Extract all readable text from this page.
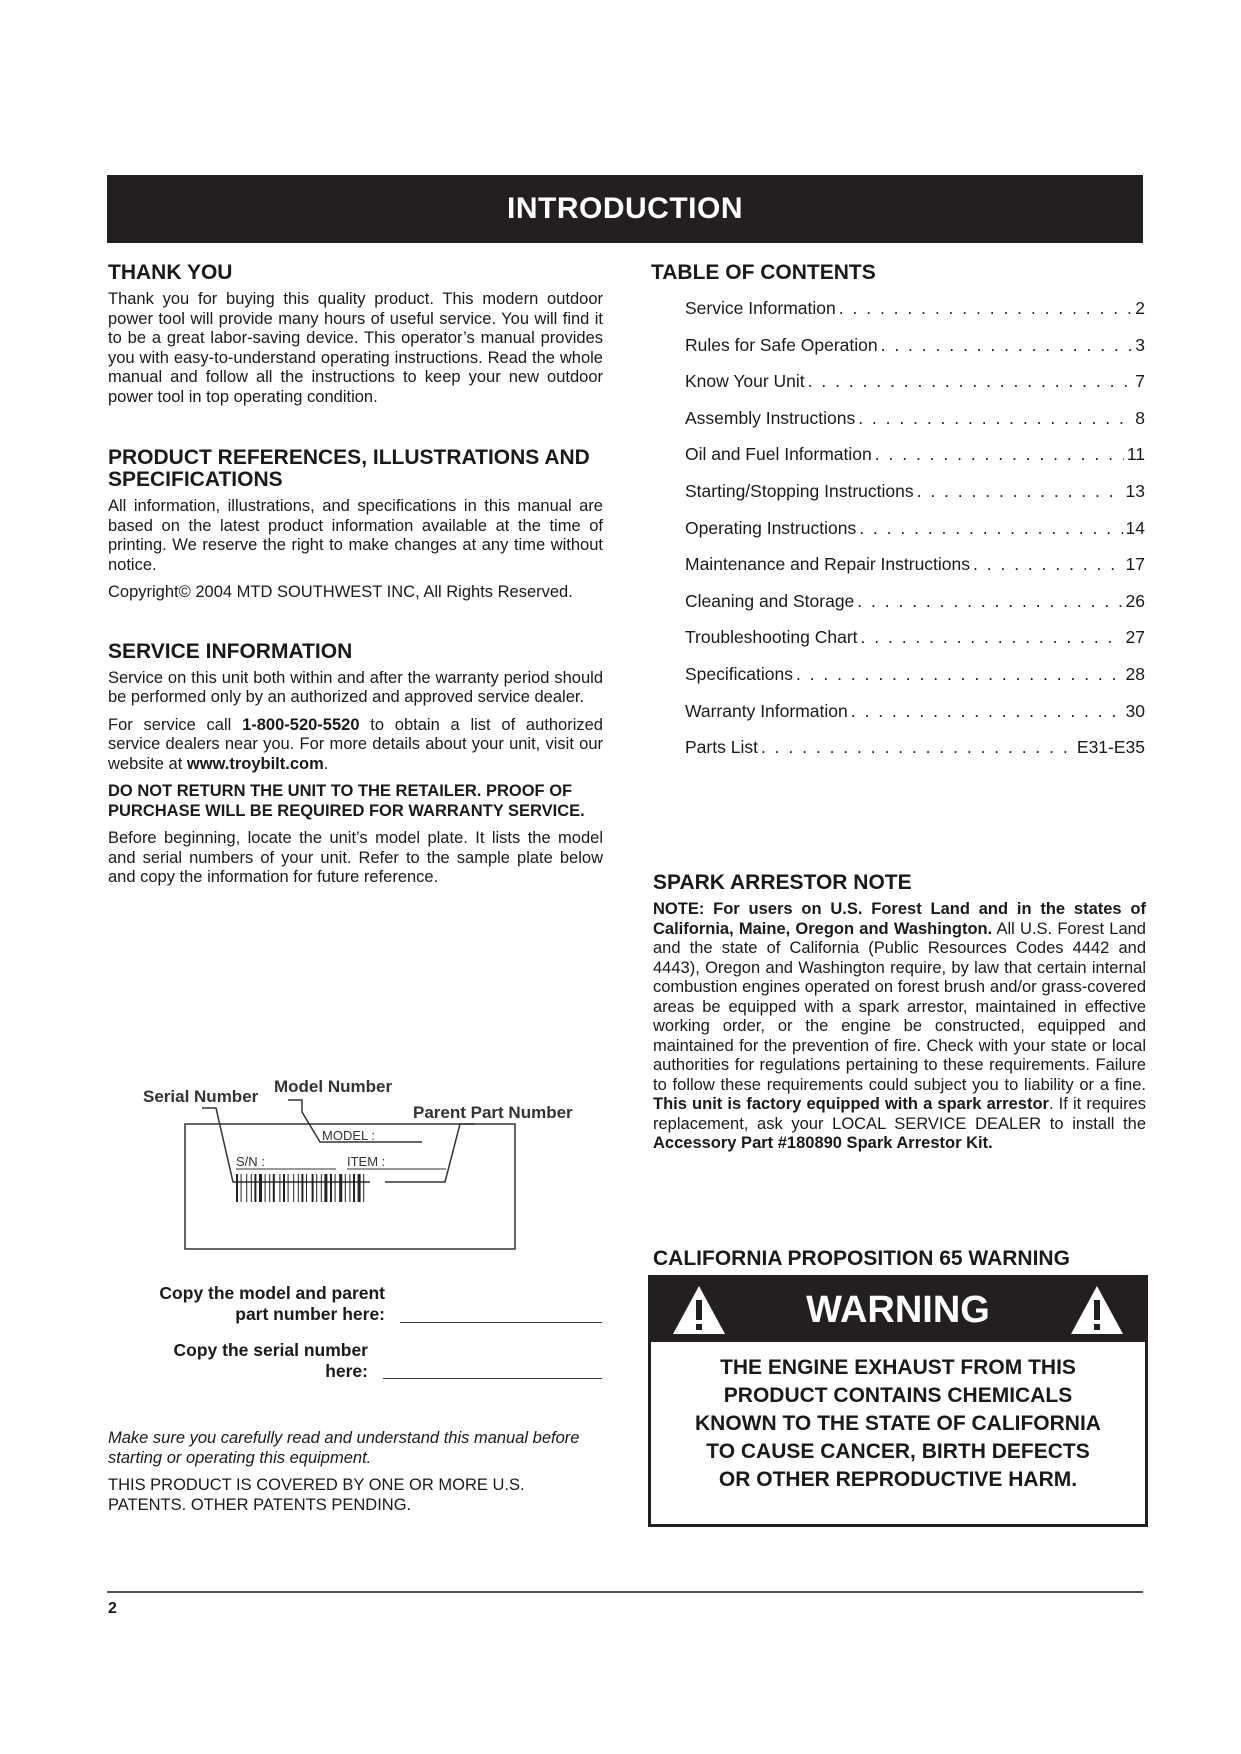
INTRODUCTION
THANK YOU

Thank you for buying this quality product. This modern outdoor power tool will provide many hours of useful service. You will find it to be a great labor-saving device. This operator’s manual provides you with easy-to-understand operating instructions. Read the whole manual and follow all the instructions to keep your new outdoor power tool in top operating condition.

PRODUCT REFERENCES, ILLUSTRATIONS AND SPECIFICATIONS

All information, illustrations, and specifications in this manual are based on the latest product information available at the time of printing. We reserve the right to make changes at any time without notice.

Copyright© 2004 MTD SOUTHWEST INC, All Rights Reserved.

SERVICE INFORMATION

Service on this unit both within and after the warranty period should be performed only by an authorized and approved service dealer.

For service call 1-800-520-5520 to obtain a list of authorized service dealers near you. For more details about your unit, visit our website at www.troybilt.com.

DO NOT RETURN THE UNIT TO THE RETAILER. PROOF OF PURCHASE WILL BE REQUIRED FOR WARRANTY SERVICE.

Before beginning, locate the unit’s model plate. It lists the model and serial numbers of your unit. Refer to the sample plate below and copy the information for future reference.

Serial Number
Model Number
Parent Part Number
MODEL :
S/N :	ITEM :
Copy the model and parent
part number here:
Copy the serial number
here:

Make sure you carefully read and understand this manual before starting or operating this equipment.

THIS PRODUCT IS COVERED BY ONE OR MORE U.S. PATENTS. OTHER PATENTS PENDING.

TABLE OF CONTENTS
Service Information . . .	2
Rules for Safe Operation . . .	3
Know Your Unit . . .	7
Assembly Instructions . . .	8
Oil and Fuel Information . . .	11
Starting/Stopping Instructions . . .	13
Operating Instructions . . .	14
Maintenance and Repair Instructions . . .	17
Cleaning and Storage . . .	26
Troubleshooting Chart . . .	27
Specifications . . .	28
Warranty Information . . .	30
Parts List . . .	E31-E35
SPARK ARRESTOR NOTE

NOTE: For users on U.S. Forest Land and in the states of California, Maine, Oregon and Washington. All U.S. Forest Land and the state of California (Public Resources Codes 4442 and 4443), Oregon and Washington require, by law that certain internal combustion engines operated on forest brush and/or grass-covered areas be equipped with a spark arrestor, maintained in effective working order, or the engine be constructed, equipped and maintained for the prevention of fire. Check with your state or local authorities for regulations pertaining to these requirements. Failure to follow these requirements could subject you to liability or a fine. This unit is factory equipped with a spark arrestor. If it requires replacement, ask your LOCAL SERVICE DEALER to install the Accessory Part #180890 Spark Arrestor Kit.

CALIFORNIA PROPOSITION 65 WARNING
WARNING
THE ENGINE EXHAUST FROM THIS
PRODUCT CONTAINS CHEMICALS
KNOWN TO THE STATE OF CALIFORNIA
TO CAUSE CANCER, BIRTH DEFECTS
OR OTHER REPRODUCTIVE HARM.
2
